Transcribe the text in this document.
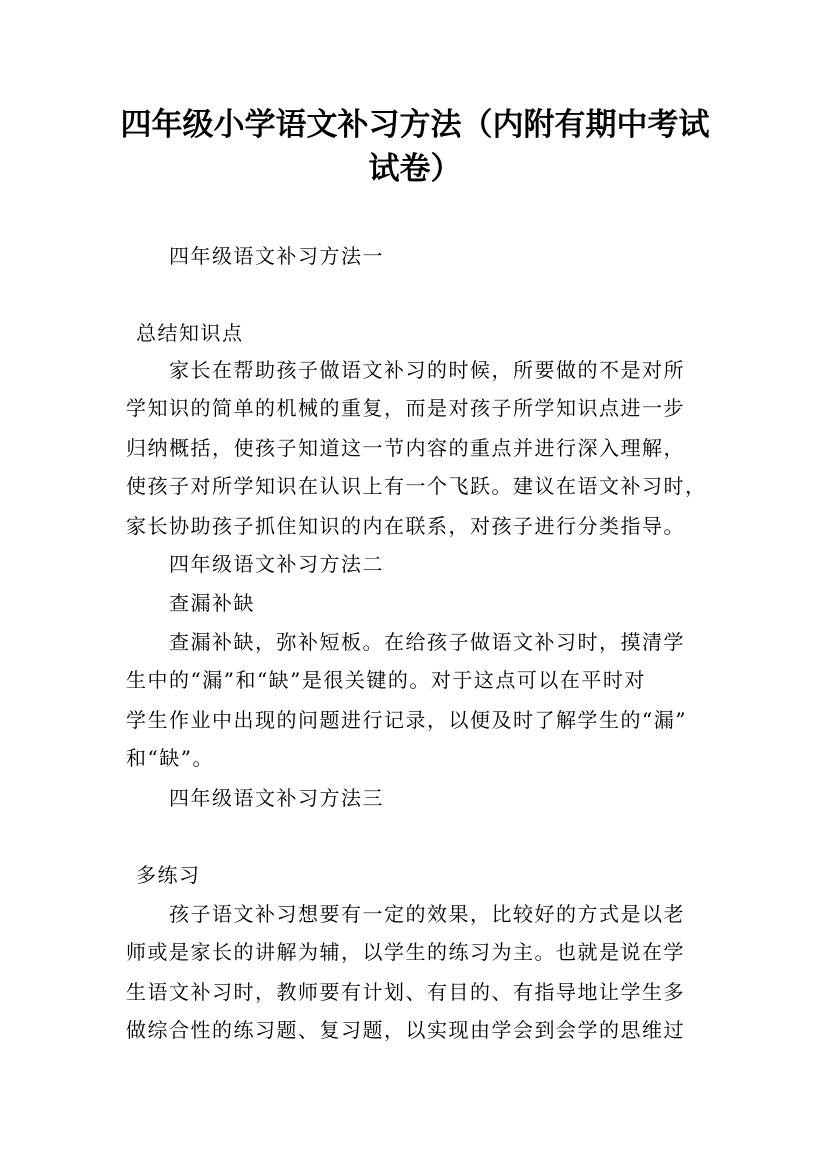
四年级小学语文补习方法（内附有期中考试
试卷）

四年级语文补习方法一

总结知识点

家长在帮助孩子做语文补习的时候，所要做的不是对所

学知识的简单的机械的重复，而是对孩子所学知识点进一步

归纳概括，使孩子知道这一节内容的重点并进行深入理解，

使孩子对所学知识在认识上有一个飞跃。建议在语文补习时，

家长协助孩子抓住知识的内在联系，对孩子进行分类指导。

四年级语文补习方法二

查漏补缺

查漏补缺，弥补短板。在给孩子做语文补习时，摸清学

生中的“漏”和“缺”是很关键的。对于这点可以在平时对

学生作业中出现的问题进行记录，以便及时了解学生的“漏”

和“缺”。

四年级语文补习方法三

多练习

孩子语文补习想要有一定的效果，比较好的方式是以老

师或是家长的讲解为辅，以学生的练习为主。也就是说在学

生语文补习时，教师要有计划、有目的、有指导地让学生多

做综合性的练习题、复习题，以实现由学会到会学的思维过
